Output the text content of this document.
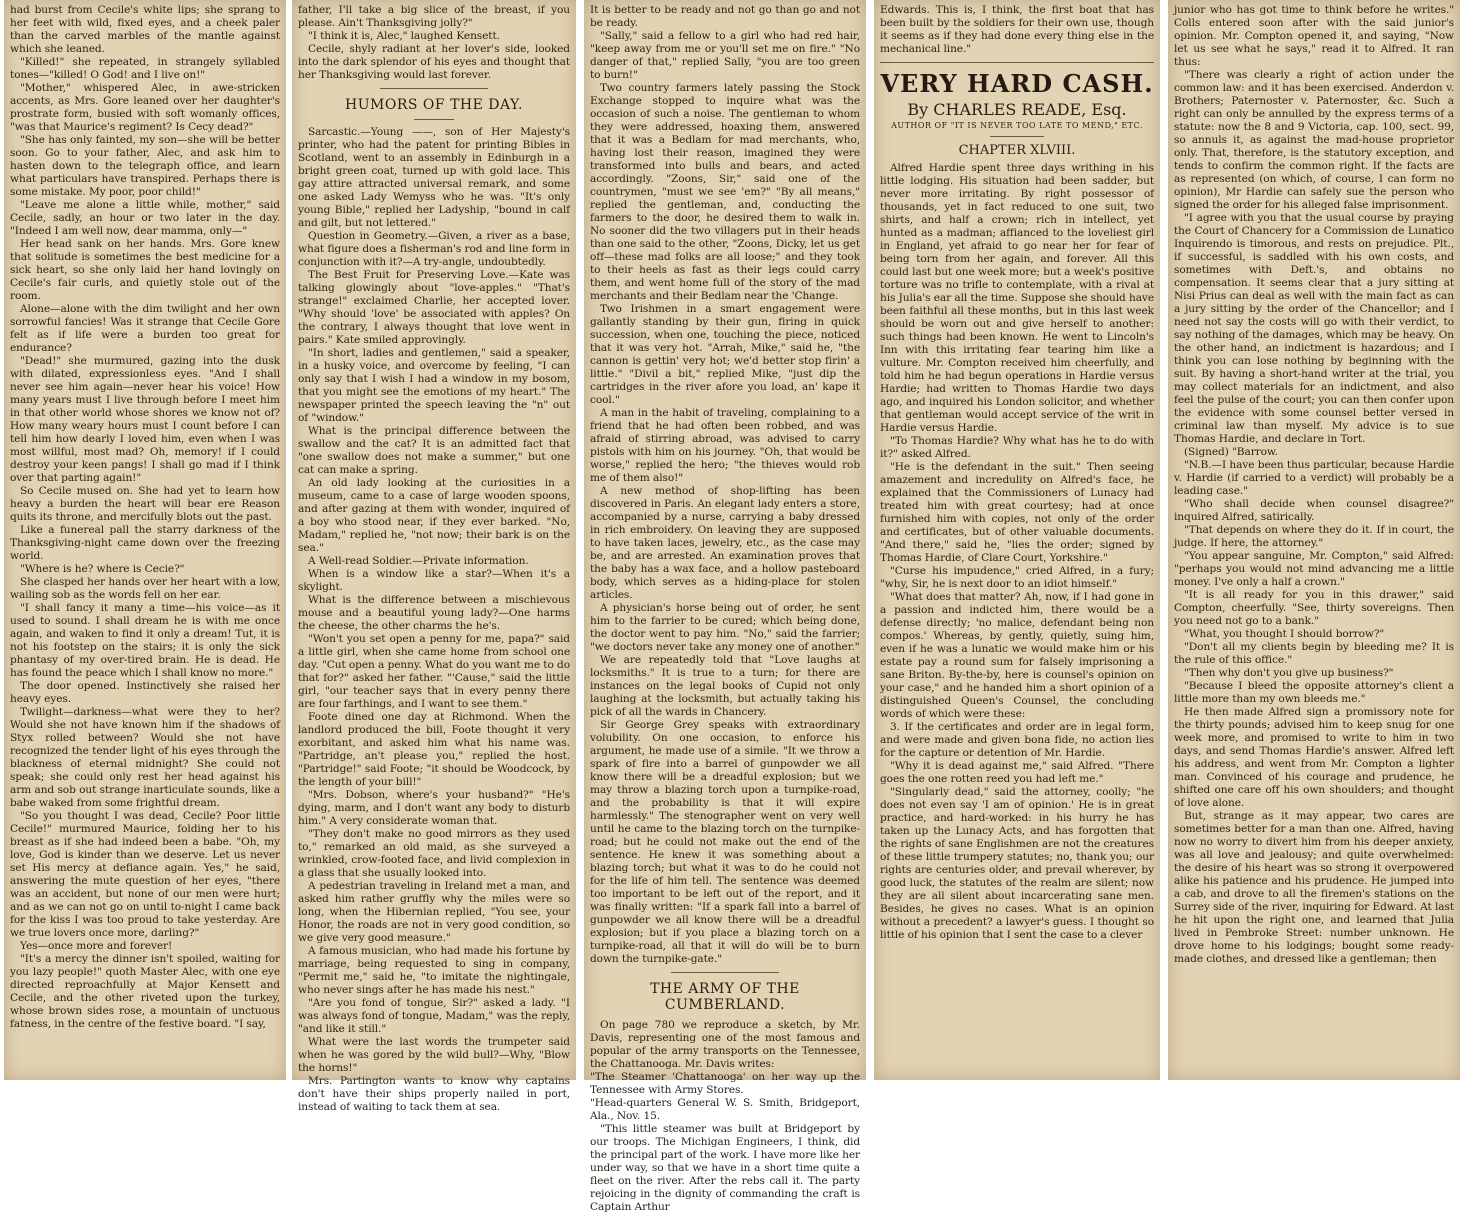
had burst from Cecile's white lips; she sprang to her feet with wild, fixed eyes, and a cheek paler than the carved marbles of the mantle against which she leaned.

"Killed!" she repeated, in strangely syllabled tones—"killed! O God! and I live on!"

"Mother," whispered Alec, in awe-stricken accents, as Mrs. Gore leaned over her daughter's prostrate form, busied with soft womanly offices, "was that Maurice's regiment? Is Cecy dead?"

"She has only fainted, my son—she will be better soon. Go to your father, Alec, and ask him to hasten down to the telegraph office, and learn what particulars have transpired. Perhaps there is some mistake. My poor, poor child!"

"Leave me alone a little while, mother," said Cecile, sadly, an hour or two later in the day. "Indeed I am well now, dear mamma, only—"

Her head sank on her hands. Mrs. Gore knew that solitude is sometimes the best medicine for a sick heart, so she only laid her hand lovingly on Cecile's fair curls, and quietly stole out of the room.

Alone—alone with the dim twilight and her own sorrowful fancies! Was it strange that Cecile Gore felt as if life were a burden too great for endurance?

"Dead!" she murmured, gazing into the dusk with dilated, expressionless eyes. "And I shall never see him again—never hear his voice! How many years must I live through before I meet him in that other world whose shores we know not of? How many weary hours must I count before I can tell him how dearly I loved him, even when I was most willful, most mad? Oh, memory! if I could destroy your keen pangs! I shall go mad if I think over that parting again!"

So Cecile mused on. She had yet to learn how heavy a burden the heart will bear ere Reason quits its throne, and mercifully blots out the past.

Like a funereal pall the starry darkness of the Thanksgiving-night came down over the freezing world.

"Where is he? where is Cecie?"

She clasped her hands over her heart with a low, wailing sob as the words fell on her ear.

"I shall fancy it many a time—his voice—as it used to sound. I shall dream he is with me once again, and waken to find it only a dream! Tut, it is not his footstep on the stairs; it is only the sick phantasy of my over-tired brain. He is dead. He has found the peace which I shall know no more."

The door opened. Instinctively she raised her heavy eyes.

Twilight—darkness—what were they to her? Would she not have known him if the shadows of Styx rolled between? Would she not have recognized the tender light of his eyes through the blackness of eternal midnight? She could not speak; she could only rest her head against his arm and sob out strange inarticulate sounds, like a babe waked from some frightful dream.

"So you thought I was dead, Cecile? Poor little Cecile!" murmured Maurice, folding her to his breast as if she had indeed been a babe. "Oh, my love, God is kinder than we deserve. Let us never set His mercy at defiance again. Yes," he said, answering the mute question of her eyes, "there was an accident, but none of our men were hurt; and as we can not go on until to-night I came back for the kiss I was too proud to take yesterday. Are we true lovers once more, darling?"

Yes—once more and forever!

"It's a mercy the dinner isn't spoiled, waiting for you lazy people!" quoth Master Alec, with one eye directed reproachfully at Major Kensett and Cecile, and the other riveted upon the turkey, whose brown sides rose, a mountain of unctuous fatness, in the centre of the festive board. "I say,

father, I'll take a big slice of the breast, if you please. Ain't Thanksgiving jolly?"

"I think it is, Alec," laughed Kensett.

Cecile, shyly radiant at her lover's side, looked into the dark splendor of his eyes and thought that her Thanksgiving would last forever.

HUMORS OF THE DAY.

Sarcastic.—Young ——, son of Her Majesty's printer, who had the patent for printing Bibles in Scotland, went to an assembly in Edinburgh in a bright green coat, turned up with gold lace. This gay attire attracted universal remark, and some one asked Lady Wemyss who he was. "It's only young Bible," replied her Ladyship, "bound in calf and gilt, but not lettered."

Question in Geometry.—Given, a river as a base, what figure does a fisherman's rod and line form in conjunction with it?—A try-angle, undoubtedly.

The Best Fruit for Preserving Love.—Kate was talking glowingly about "love-apples." "That's strange!" exclaimed Charlie, her accepted lover. "Why should 'love' be associated with apples? On the contrary, I always thought that love went in pairs." Kate smiled approvingly.

"In short, ladies and gentlemen," said a speaker, in a husky voice, and overcome by feeling, "I can only say that I wish I had a window in my bosom, that you might see the emotions of my heart." The newspaper printed the speech leaving the "n" out of "window."

What is the principal difference between the swallow and the cat? It is an admitted fact that "one swallow does not make a summer," but one cat can make a spring.

An old lady looking at the curiosities in a museum, came to a case of large wooden spoons, and after gazing at them with wonder, inquired of a boy who stood near, if they ever barked. "No, Madam," replied he, "not now; their bark is on the sea."

A Well-read Soldier.—Private information.

When is a window like a star?—When it's a skylight.

What is the difference between a mischievous mouse and a beautiful young lady?—One harms the cheese, the other charms the he's.

"Won't you set open a penny for me, papa?" said a little girl, when she came home from school one day. "Cut open a penny. What do you want me to do that for?" asked her father. "'Cause," said the little girl, "our teacher says that in every penny there are four farthings, and I want to see them."

Foote dined one day at Richmond. When the landlord produced the bill, Foote thought it very exorbitant, and asked him what his name was. "Partridge, an't please you," replied the host. "Partridge!" said Foote; "it should be Woodcock, by the length of your bill!"

"Mrs. Dobson, where's your husband?" "He's dying, marm, and I don't want any body to disturb him." A very considerate woman that.

"They don't make no good mirrors as they used to," remarked an old maid, as she surveyed a wrinkled, crow-footed face, and livid complexion in a glass that she usually looked into.

A pedestrian traveling in Ireland met a man, and asked him rather gruffly why the miles were so long, when the Hibernian replied, "You see, your Honor, the roads are not in very good condition, so we give very good measure."

A famous musician, who had made his fortune by marriage, being requested to sing in company, "Permit me," said he, "to imitate the nightingale, who never sings after he has made his nest."

"Are you fond of tongue, Sir?" asked a lady. "I was always fond of tongue, Madam," was the reply, "and like it still."

What were the last words the trumpeter said when he was gored by the wild bull?—Why, "Blow the horns!"

Mrs. Partington wants to know why captains don't have their ships properly nailed in port, instead of waiting to tack them at sea.

It is better to be ready and not go than go and not be ready.

"Sally," said a fellow to a girl who had red hair, "keep away from me or you'll set me on fire." "No danger of that," replied Sally, "you are too green to burn!"

Two country farmers lately passing the Stock Exchange stopped to inquire what was the occasion of such a noise. The gentleman to whom they were addressed, hoaxing them, answered that it was a Bedlam for mad merchants, who, having lost their reason, imagined they were transformed into bulls and bears, and acted accordingly. "Zoons, Sir," said one of the countrymen, "must we see 'em?" "By all means," replied the gentleman, and, conducting the farmers to the door, he desired them to walk in. No sooner did the two villagers put in their heads than one said to the other, "Zoons, Dicky, let us get off—these mad folks are all loose;" and they took to their heels as fast as their legs could carry them, and went home full of the story of the mad merchants and their Bedlam near the 'Change.

Two Irishmen in a smart engagement were gallantly standing by their gun, firing in quick succession, when one, touching the piece, noticed that it was very hot. "Arrah, Mike," said he, "the cannon is gettin' very hot; we'd better stop firin' a little." "Divil a bit," replied Mike, "just dip the cartridges in the river afore you load, an' kape it cool."

A man in the habit of traveling, complaining to a friend that he had often been robbed, and was afraid of stirring abroad, was advised to carry pistols with him on his journey. "Oh, that would be worse," replied the hero; "the thieves would rob me of them also!"

A new method of shop-lifting has been discovered in Paris. An elegant lady enters a store, accompanied by a nurse, carrying a baby dressed in rich embroidery. On leaving they are supposed to have taken laces, jewelry, etc., as the case may be, and are arrested. An examination proves that the baby has a wax face, and a hollow pasteboard body, which serves as a hiding-place for stolen articles.

A physician's horse being out of order, he sent him to the farrier to be cured; which being done, the doctor went to pay him. "No," said the farrier; "we doctors never take any money one of another."

We are repeatedly told that "Love laughs at locksmiths." It is true to a turn; for there are instances on the legal books of Cupid not only laughing at the locksmith, but actually taking his pick of all the wards in Chancery.

Sir George Grey speaks with extraordinary volubility. On one occasion, to enforce his argument, he made use of a simile. "It we throw a spark of fire into a barrel of gunpowder we all know there will be a dreadful explosion; but we may throw a blazing torch upon a turnpike-road, and the probability is that it will expire harmlessly." The stenographer went on very well until he came to the blazing torch on the turnpike-road; but he could not make out the end of the sentence. He knew it was something about a blazing torch; but what it was to do he could not for the life of him tell. The sentence was deemed too important to be left out of the report, and it was finally written: "If a spark fall into a barrel of gunpowder we all know there will be a dreadful explosion; but if you place a blazing torch on a turnpike-road, all that it will do will be to burn down the turnpike-gate."

THE ARMY OF THE CUMBERLAND.

On page 780 we reproduce a sketch, by Mr. Davis, representing one of the most famous and popular of the army transports on the Tennessee, the Chattanooga. Mr. Davis writes:

"The Steamer 'Chattanooga' on her way up the Tennessee with Army Stores.

"Head-quarters General W. S. Smith, Bridgeport, Ala., Nov. 15.

"This little steamer was built at Bridgeport by our troops. The Michigan Engineers, I think, did the principal part of the work. I have more like her under way, so that we have in a short time quite a fleet on the river. After the rebs call it. The party rejoicing in the dignity of commanding the craft is Captain Arthur

Edwards. This is, I think, the first boat that has been built by the soldiers for their own use, though it seems as if they had done every thing else in the mechanical line."

VERY HARD CASH.
By CHARLES READE, Esq.
AUTHOR OF "IT IS NEVER TOO LATE TO MEND," ETC.
CHAPTER XLVIII.

Alfred Hardie spent three days writhing in his little lodging. His situation had been sadder, but never more irritating. By right possessor of thousands, yet in fact reduced to one suit, two shirts, and half a crown; rich in intellect, yet hunted as a madman; affianced to the loveliest girl in England, yet afraid to go near her for fear of being torn from her again, and forever. All this could last but one week more; but a week's positive torture was no trifle to contemplate, with a rival at his Julia's ear all the time. Suppose she should have been faithful all these months, but in this last week should be worn out and give herself to another: such things had been known. He went to Lincoln's Inn with this irritating fear tearing him like a vulture. Mr. Compton received him cheerfully, and told him he had begun operations in Hardie versus Hardie; had written to Thomas Hardie two days ago, and inquired his London solicitor, and whether that gentleman would accept service of the writ in Hardie versus Hardie.

"To Thomas Hardie? Why what has he to do with it?" asked Alfred.

"He is the defendant in the suit." Then seeing amazement and incredulity on Alfred's face, he explained that the Commissioners of Lunacy had treated him with great courtesy; had at once furnished him with copies, not only of the order and certificates, but of other valuable documents. "And there," said he, "lies the order; signed by Thomas Hardie, of Clare Court, Yorkshire."

"Curse his impudence," cried Alfred, in a fury; "why, Sir, he is next door to an idiot himself."

"What does that matter? Ah, now, if I had gone in a passion and indicted him, there would be a defense directly; 'no malice, defendant being non compos.' Whereas, by gently, quietly, suing him, even if he was a lunatic we would make him or his estate pay a round sum for falsely imprisoning a sane Briton. By-the-by, here is counsel's opinion on your case," and he handed him a short opinion of a distinguished Queen's Counsel, the concluding words of which were these:

3. If the certificates and order are in legal form, and were made and given bona fide, no action lies for the capture or detention of Mr. Hardie.

"Why it is dead against me," said Alfred. "There goes the one rotten reed you had left me."

"Singularly dead," said the attorney, coolly; "he does not even say 'I am of opinion.' He is in great practice, and hard-worked: in his hurry he has taken up the Lunacy Acts, and has forgotten that the rights of sane Englishmen are not the creatures of these little trumpery statutes; no, thank you; our rights are centuries older, and prevail wherever, by good luck, the statutes of the realm are silent; now they are all silent about incarcerating sane men. Besides, he gives no cases. What is an opinion without a precedent? a lawyer's guess. I thought so little of his opinion that I sent the case to a clever

junior who has got time to think before he writes." Colls entered soon after with the said junior's opinion. Mr. Compton opened it, and saying, "Now let us see what he says," read it to Alfred. It ran thus:

"There was clearly a right of action under the common law: and it has been exercised. Anderdon v. Brothers; Paternoster v. Paternoster, &c. Such a right can only be annulled by the express terms of a statute: now the 8 and 9 Victoria, cap. 100, sect. 99, so annuls it, as against the mad-house proprietor only. That, therefore, is the statutory exception, and tends to confirm the common right. If the facts are as represented (on which, of course, I can form no opinion), Mr Hardie can safely sue the person who signed the order for his alleged false imprisonment.

"I agree with you that the usual course by praying the Court of Chancery for a Commission de Lunatico Inquirendo is timorous, and rests on prejudice. Plt., if successful, is saddled with his own costs, and sometimes with Deft.'s, and obtains no compensation. It seems clear that a jury sitting at Nisi Prius can deal as well with the main fact as can a jury sitting by the order of the Chancellor; and I need not say the costs will go with their verdict, to say nothing of the damages, which may be heavy. On the other hand, an indictment is hazardous; and I think you can lose nothing by beginning with the suit. By having a short-hand writer at the trial, you may collect materials for an indictment, and also feel the pulse of the court; you can then confer upon the evidence with some counsel better versed in criminal law than myself. My advice is to sue Thomas Hardie, and declare in Tort.

(Signed) "Barrow.

"N.B.—I have been thus particular, because Hardie v. Hardie (if carried to a verdict) will probably be a leading case."

"Who shall decide when counsel disagree?" inquired Alfred, satirically.

"That depends on where they do it. If in court, the judge. If here, the attorney."

"You appear sanguine, Mr. Compton," said Alfred: "perhaps you would not mind advancing me a little money. I've only a half a crown."

"It is all ready for you in this drawer," said Compton, cheerfully. "See, thirty sovereigns. Then you need not go to a bank."

"What, you thought I should borrow?"

"Don't all my clients begin by bleeding me? It is the rule of this office."

"Then why don't you give up business?"

"Because I bleed the opposite attorney's client a little more than my own bleeds me."

He then made Alfred sign a promissory note for the thirty pounds; advised him to keep snug for one week more, and promised to write to him in two days, and send Thomas Hardie's answer. Alfred left his address, and went from Mr. Compton a lighter man. Convinced of his courage and prudence, he shifted one care off his own shoulders; and thought of love alone.

But, strange as it may appear, two cares are sometimes better for a man than one. Alfred, having now no worry to divert him from his deeper anxiety, was all love and jealousy; and quite overwhelmed: the desire of his heart was so strong it overpowered alike his patience and his prudence. He jumped into a cab, and drove to all the firemen's stations on the Surrey side of the river, inquiring for Edward. At last he hit upon the right one, and learned that Julia lived in Pembroke Street: number unknown. He drove home to his lodgings; bought some ready-made clothes, and dressed like a gentleman; then
